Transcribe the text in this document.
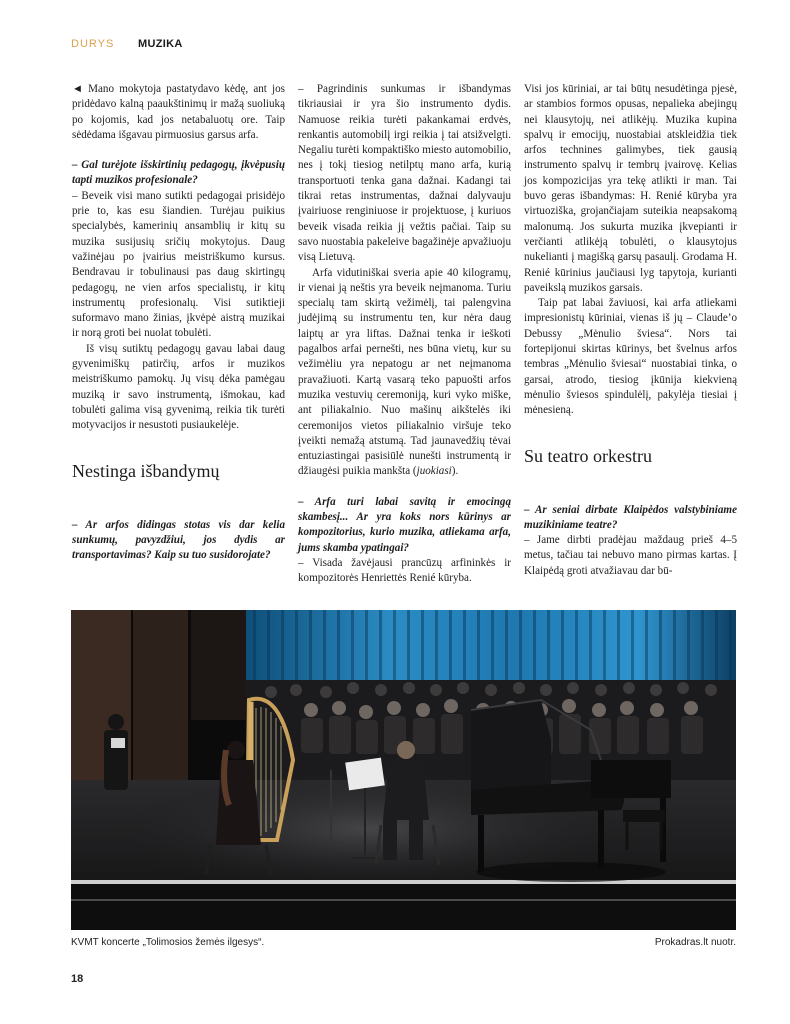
DURYS MUZIKA

◄ Mano mokytoja pastatydavo kėdę, ant jos pridėdavo kalną paaukštinimų ir mažą suoliuką po kojomis, kad jos netabaluotų ore. Taip sėdėdama išgavau pirmuosius garsus arfa.

– Gal turėjote išskirtinių pedagogų, įkvėpusių tapti muzikos profesionale?

– Beveik visi mano sutikti pedagogai prisidėjo prie to, kas esu šiandien. Turėjau puikius specialybės, kamerinių ansamblių ir kitų su muzika susijusių sričių mokytojus. Daug važinėjau po įvairius meistriškumo kursus. Bendravau ir tobulinausi pas daug skirtingų pedagogų, ne vien arfos specialistų, ir kitų instrumentų profesionalų. Visi sutiktieji suformavo mano žinias, įkvėpė aistrą muzikai ir norą groti bei nuolat tobulėti.

Iš visų sutiktų pedagogų gavau labai daug gyvenimiškų patirčių, arfos ir muzikos meistriškumo pamokų. Jų visų dėka pamėgau muziką ir savo instrumentą, išmokau, kad tobulėti galima visą gyvenimą, reikia tik turėti motyvacijos ir nesustoti pusiaukelėje.

Nestinga išbandymų

– Ar arfos didingas stotas vis dar kelia sunkumų, pavyzdžiui, jos dydis ar transportavimas? Kaip su tuo susidorojate?

– Pagrindinis sunkumas ir išbandymas tikriausiai ir yra šio instrumento dydis. Namuose reikia turėti pakankamai erdvės, renkantis automobilį irgi reikia į tai atsižvelgti. Negaliu turėti kompaktiško miesto automobilio, nes į tokį tiesiog netilptų mano arfa, kurią transportuoti tenka gana dažnai. Kadangi tai tikrai retas instrumentas, dažnai dalyvauju įvairiuose renginiuose ir projektuose, į kuriuos beveik visada reikia jį vežtis pačiai. Taip su savo nuostabia pakeleive bagažinėje apvažiuoju visą Lietuvą.

Arfa vidutiniškai sveria apie 40 kilogramų, ir vienai ją neštis yra beveik neįmanoma. Turiu specialų tam skirtą vežimėlį, tai palengvina judėjimą su instrumentu ten, kur nėra daug laiptų ar yra liftas. Dažnai tenka ir ieškoti pagalbos arfai pernešti, nes būna vietų, kur su vežimėliu yra nepatogu ar net neįmanoma pravažiuoti. Kartą vasarą teko papuošti arfos muzika vestuvių ceremoniją, kuri vyko miške, ant piliakalnio. Nuo mašinų aikštelės iki ceremonijos vietos piliakalnio viršuje teko įveikti nemažą atstumą. Tad jaunavedžių tėvai entuziastingai pasisiūlė nunešti instrumentą ir džiaugėsi puikia mankšta (juokiasi).

– Arfa turi labai savitą ir emocingą skambesį... Ar yra koks nors kūrinys ar kompozitorius, kurio muzika, atliekama arfa, jums skamba ypatingai?

– Visada žavėjausi prancūzų arfininkės ir kompozitorės Henriettės Renié kūryba.

Visi jos kūriniai, ar tai būtų nesudėtinga pjesė, ar stambios formos opusas, nepalieka abejingų nei klausytojų, nei atlikėjų. Muzika kupina spalvų ir emocijų, nuostabiai atskleidžia tiek arfos technines galimybes, tiek gausią instrumento spalvų ir tembrų įvairovę. Kelias jos kompozicijas yra tekę atlikti ir man. Tai buvo geras išbandymas: H. Renié kūryba yra virtuoziška, grojančiajam suteikia neapsakomą malonumą. Jos sukurta muzika įkvepianti ir verčianti atlikėją tobulėti, o klausytojus nukelianti į magišką garsų pasaulį. Grodama H. Renié kūrinius jaučiausi lyg tapytoja, kurianti paveikslą muzikos garsais.

Taip pat labai žaviuosi, kai arfa atliekami impresionistų kūriniai, vienas iš jų – Claude’o Debussy „Mėnulio šviesa“. Nors tai fortepijonui skirtas kūrinys, bet švelnus arfos tembras „Mėnulio šviesai“ nuostabiai tinka, o garsai, atrodo, tiesiog įkūnija kiekvieną mėnulio šviesos spindulėlį, pakylėja tiesiai į mėnesieną.

Su teatro orkestru

– Ar seniai dirbate Klaipėdos valstybiniame muzikiniame teatre?

– Jame dirbti pradėjau maždaug prieš 4–5 metus, tačiau tai nebuvo mano pirmas kartas. Į Klaipėdą groti atvažiavau dar bū-

KVMT koncerte „Tolimosios žemės ilgesys“.	Prokadras.lt nuotr.
18
